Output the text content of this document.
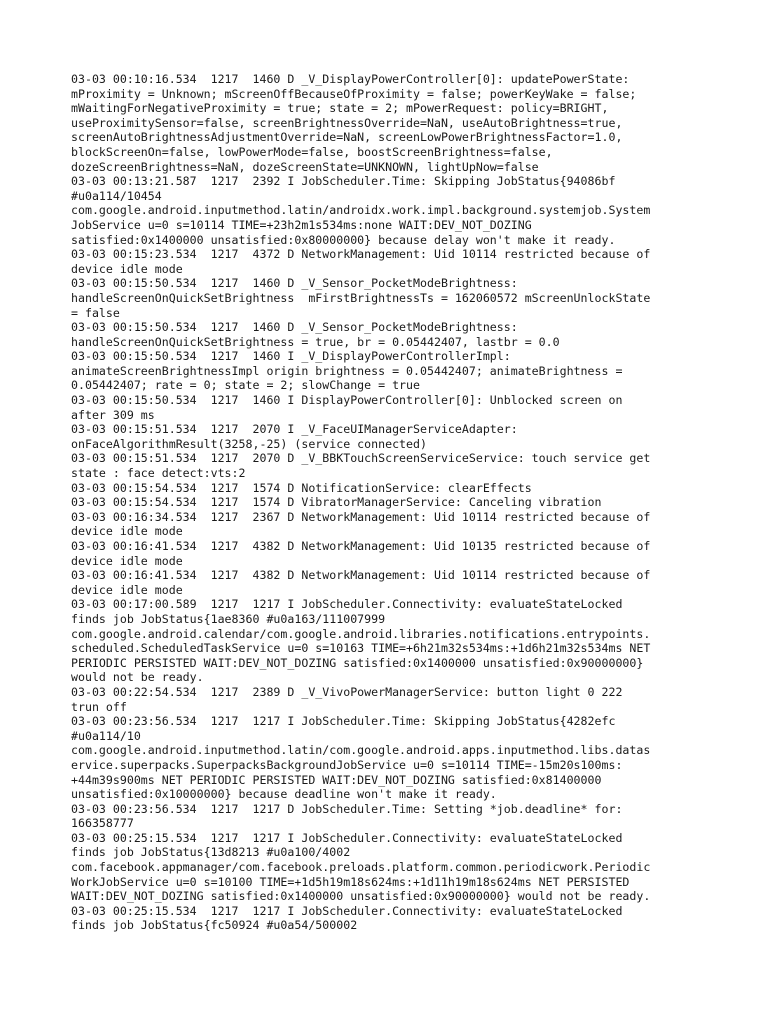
03-03 00:10:16.534  1217  1460 D _V_DisplayPowerController[0]: updatePowerState:
mProximity = Unknown; mScreenOffBecauseOfProximity = false; powerKeyWake = false;
mWaitingForNegativeProximity = true; state = 2; mPowerRequest: policy=BRIGHT,
useProximitySensor=false, screenBrightnessOverride=NaN, useAutoBrightness=true,
screenAutoBrightnessAdjustmentOverride=NaN, screenLowPowerBrightnessFactor=1.0,
blockScreenOn=false, lowPowerMode=false, boostScreenBrightness=false,
dozeScreenBrightness=NaN, dozeScreenState=UNKNOWN, lightUpNow=false
03-03 00:13:21.587  1217  2392 I JobScheduler.Time: Skipping JobStatus{94086bf
#u0a114/10454
com.google.android.inputmethod.latin/androidx.work.impl.background.systemjob.System
JobService u=0 s=10114 TIME=+23h2m1s534ms:none WAIT:DEV_NOT_DOZING
satisfied:0x1400000 unsatisfied:0x80000000} because delay won't make it ready.
03-03 00:15:23.534  1217  4372 D NetworkManagement: Uid 10114 restricted because of
device idle mode
03-03 00:15:50.534  1217  1460 D _V_Sensor_PocketModeBrightness:
handleScreenOnQuickSetBrightness  mFirstBrightnessTs = 162060572 mScreenUnlockState
= false
03-03 00:15:50.534  1217  1460 D _V_Sensor_PocketModeBrightness:
handleScreenOnQuickSetBrightness = true, br = 0.05442407, lastbr = 0.0
03-03 00:15:50.534  1217  1460 I _V_DisplayPowerControllerImpl:
animateScreenBrightnessImpl origin brightness = 0.05442407; animateBrightness =
0.05442407; rate = 0; state = 2; slowChange = true
03-03 00:15:50.534  1217  1460 I DisplayPowerController[0]: Unblocked screen on
after 309 ms
03-03 00:15:51.534  1217  2070 I _V_FaceUIManagerServiceAdapter:
onFaceAlgorithmResult(3258,-25) (service connected)
03-03 00:15:51.534  1217  2070 D _V_BBKTouchScreenServiceService: touch service get
state : face detect:vts:2
03-03 00:15:54.534  1217  1574 D NotificationService: clearEffects
03-03 00:15:54.534  1217  1574 D VibratorManagerService: Canceling vibration
03-03 00:16:34.534  1217  2367 D NetworkManagement: Uid 10114 restricted because of
device idle mode
03-03 00:16:41.534  1217  4382 D NetworkManagement: Uid 10135 restricted because of
device idle mode
03-03 00:16:41.534  1217  4382 D NetworkManagement: Uid 10114 restricted because of
device idle mode
03-03 00:17:00.589  1217  1217 I JobScheduler.Connectivity: evaluateStateLocked
finds job JobStatus{1ae8360 #u0a163/111007999
com.google.android.calendar/com.google.android.libraries.notifications.entrypoints.
scheduled.ScheduledTaskService u=0 s=10163 TIME=+6h21m32s534ms:+1d6h21m32s534ms NET
PERIODIC PERSISTED WAIT:DEV_NOT_DOZING satisfied:0x1400000 unsatisfied:0x90000000}
would not be ready.
03-03 00:22:54.534  1217  2389 D _V_VivoPowerManagerService: button light 0 222
trun off
03-03 00:23:56.534  1217  1217 I JobScheduler.Time: Skipping JobStatus{4282efc
#u0a114/10
com.google.android.inputmethod.latin/com.google.android.apps.inputmethod.libs.datas
ervice.superpacks.SuperpacksBackgroundJobService u=0 s=10114 TIME=-15m20s100ms:
+44m39s900ms NET PERIODIC PERSISTED WAIT:DEV_NOT_DOZING satisfied:0x81400000
unsatisfied:0x10000000} because deadline won't make it ready.
03-03 00:23:56.534  1217  1217 D JobScheduler.Time: Setting *job.deadline* for:
166358777
03-03 00:25:15.534  1217  1217 I JobScheduler.Connectivity: evaluateStateLocked
finds job JobStatus{13d8213 #u0a100/4002
com.facebook.appmanager/com.facebook.preloads.platform.common.periodicwork.Periodic
WorkJobService u=0 s=10100 TIME=+1d5h19m18s624ms:+1d11h19m18s624ms NET PERSISTED
WAIT:DEV_NOT_DOZING satisfied:0x1400000 unsatisfied:0x90000000} would not be ready.
03-03 00:25:15.534  1217  1217 I JobScheduler.Connectivity: evaluateStateLocked
finds job JobStatus{fc50924 #u0a54/500002
